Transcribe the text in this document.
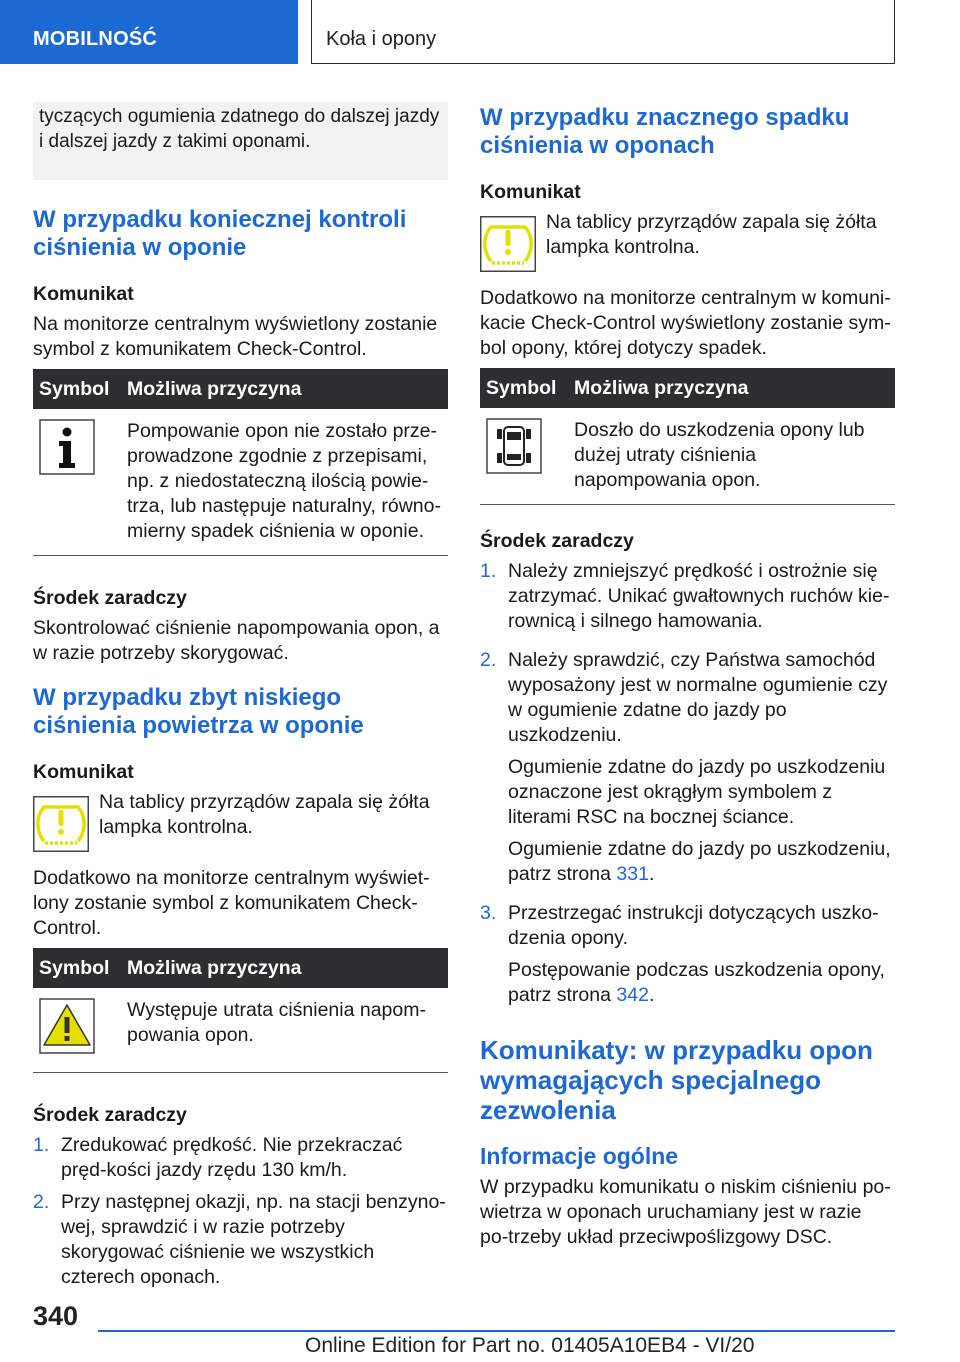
MOBILNOŚĆ	Koła i opony
tyczących ogumienia zdatnego do dalszej jazdy i dalszej jazdy z takimi oponami.
W przypadku koniecznej kontroli ciśnienia w oponie
Komunikat

Na monitorze centralnym wyświetlony zostanie symbol z komunikatem Check-Control.

Symbol	Możliwa przyczyna
	Pompowanie opon nie zostało prze-prowadzone zgodnie z przepisami, np. z niedostateczną ilością powie-trza, lub następuje naturalny, równo-mierny spadek ciśnienia w oponie.
Środek zaradczy

Skontrolować ciśnienie napompowania opon, a w razie potrzeby skorygować.

W przypadku zbyt niskiego ciśnienia powietrza w oponie
Komunikat
Na tablicy przyrządów zapala się żółta lampka kontrolna.

Dodatkowo na monitorze centralnym wyświet-lony zostanie symbol z komunikatem Check-Control.

Symbol	Możliwa przyczyna
	Występuje utrata ciśnienia napom-powania opon.
Środek zaradczy
1. Zredukować prędkość. Nie przekraczać pręd-kości jazdy rzędu 130 km/h.
2. Przy następnej okazji, np. na stacji benzyno-wej, sprawdzić i w razie potrzeby skorygować ciśnienie we wszystkich czterech oponach.
W przypadku znacznego spadku ciśnienia w oponach
Komunikat
Na tablicy przyrządów zapala się żółta lampka kontrolna.

Dodatkowo na monitorze centralnym w komuni-kacie Check-Control wyświetlony zostanie sym-bol opony, której dotyczy spadek.

Symbol	Możliwa przyczyna
	Doszło do uszkodzenia opony lub dużej utraty ciśnienia napompowania opon.
Środek zaradczy
1. Należy zmniejszyć prędkość i ostrożnie się zatrzymać. Unikać gwałtownych ruchów kie-rownicą i silnego hamowania.

2. Należy sprawdzić, czy Państwa samochód wyposażony jest w normalne ogumienie czy w ogumienie zdatne do jazdy po uszkodzeniu.

Ogumienie zdatne do jazdy po uszkodzeniu oznaczone jest okrągłym symbolem z literami RSC na bocznej ściance.

Ogumienie zdatne do jazdy po uszkodzeniu, patrz strona 331.

3. Przestrzegać instrukcji dotyczących uszko-dzenia opony.

Postępowanie podczas uszkodzenia opony, patrz strona 342.

Komunikaty: w przypadku opon wymagających specjalnego zezwolenia
Informacje ogólne

W przypadku komunikatu o niskim ciśnieniu po-wietrza w oponach uruchamiany jest w razie po-trzeby układ przeciwpoślizgowy DSC.

340
Online Edition for Part no. 01405A10EB4 - VI/20
